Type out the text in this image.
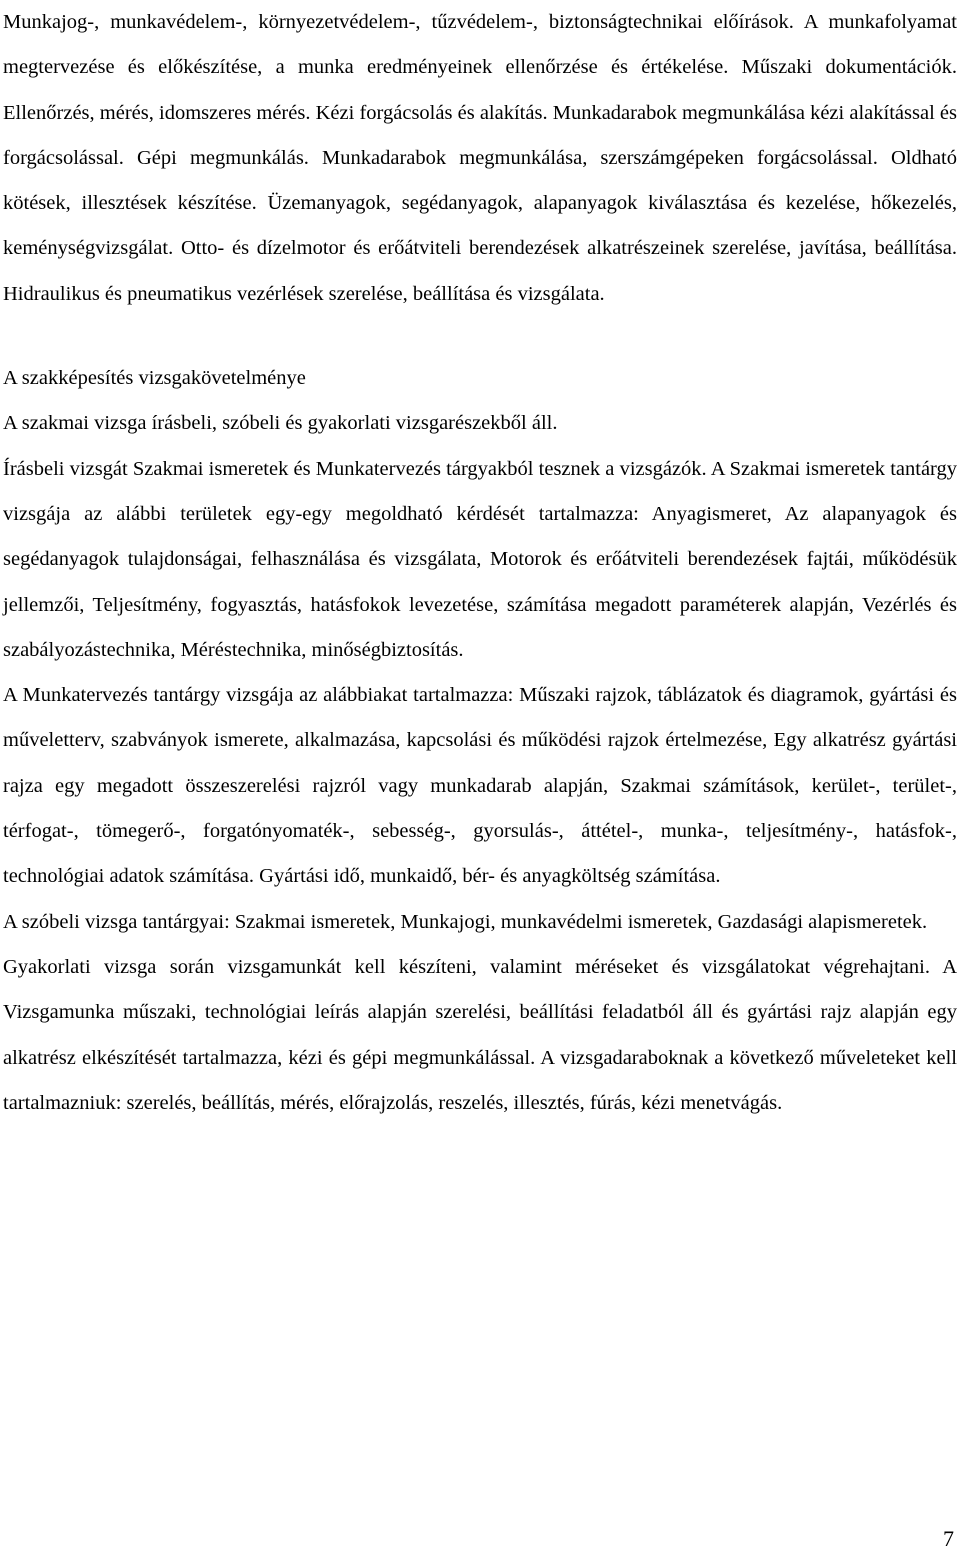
Munkajog-, munkavédelem-, környezetvédelem-, tűzvédelem-, biztonságtechnikai előírások. A munkafolyamat megtervezése és előkészítése, a munka eredményeinek ellenőrzése és értékelése. Műszaki dokumentációk. Ellenőrzés, mérés, idomszeres mérés. Kézi forgácsolás és alakítás. Munkadarabok megmunkálása kézi alakítással és forgácsolással. Gépi megmunkálás. Munkadarabok megmunkálása, szerszámgépeken forgácsolással. Oldható kötések, illesztések készítése. Üzemanyagok, segédanyagok, alapanyagok kiválasztása és kezelése, hőkezelés, keménységvizsgálat. Otto- és dízelmotor és erőátviteli berendezések alkatrészeinek szerelése, javítása, beállítása. Hidraulikus és pneumatikus vezérlések szerelése, beállítása és vizsgálata.

A szakképesítés vizsgakövetelménye

A szakmai vizsga írásbeli, szóbeli és gyakorlati vizsgarészekből áll.

Írásbeli vizsgát Szakmai ismeretek és Munkatervezés tárgyakból tesznek a vizsgázók. A Szakmai ismeretek tantárgy vizsgája az alábbi területek egy-egy megoldható kérdését tartalmazza: Anyagismeret, Az alapanyagok és segédanyagok tulajdonságai, felhasználása és vizsgálata, Motorok és erőátviteli berendezések fajtái, működésük jellemzői, Teljesítmény, fogyasztás, hatásfokok levezetése, számítása megadott paraméterek alapján, Vezérlés és szabályozástechnika, Méréstechnika, minőségbiztosítás.

A Munkatervezés tantárgy vizsgája az alábbiakat tartalmazza: Műszaki rajzok, táblázatok és diagramok, gyártási és műveletterv, szabványok ismerete, alkalmazása, kapcsolási és működési rajzok értelmezése, Egy alkatrész gyártási rajza egy megadott összeszerelési rajzról vagy munkadarab alapján, Szakmai számítások, kerület-, terület-, térfogat-, tömegerő-, forgatónyomaték-, sebesség-, gyorsulás-, áttétel-, munka-, teljesítmény-, hatásfok-, technológiai adatok számítása. Gyártási idő, munkaidő, bér- és anyagköltség számítása.

A szóbeli vizsga tantárgyai: Szakmai ismeretek, Munkajogi, munkavédelmi ismeretek, Gazdasági alapismeretek.

Gyakorlati vizsga során vizsgamunkát kell készíteni, valamint méréseket és vizsgálatokat végrehajtani. A Vizsgamunka műszaki, technológiai leírás alapján szerelési, beállítási feladatból áll és gyártási rajz alapján egy alkatrész elkészítését tartalmazza, kézi és gépi megmunkálással. A vizsgadaraboknak a következő műveleteket kell tartalmazniuk: szerelés, beállítás, mérés, előrajzolás, reszelés, illesztés, fúrás, kézi menetvágás.

7
